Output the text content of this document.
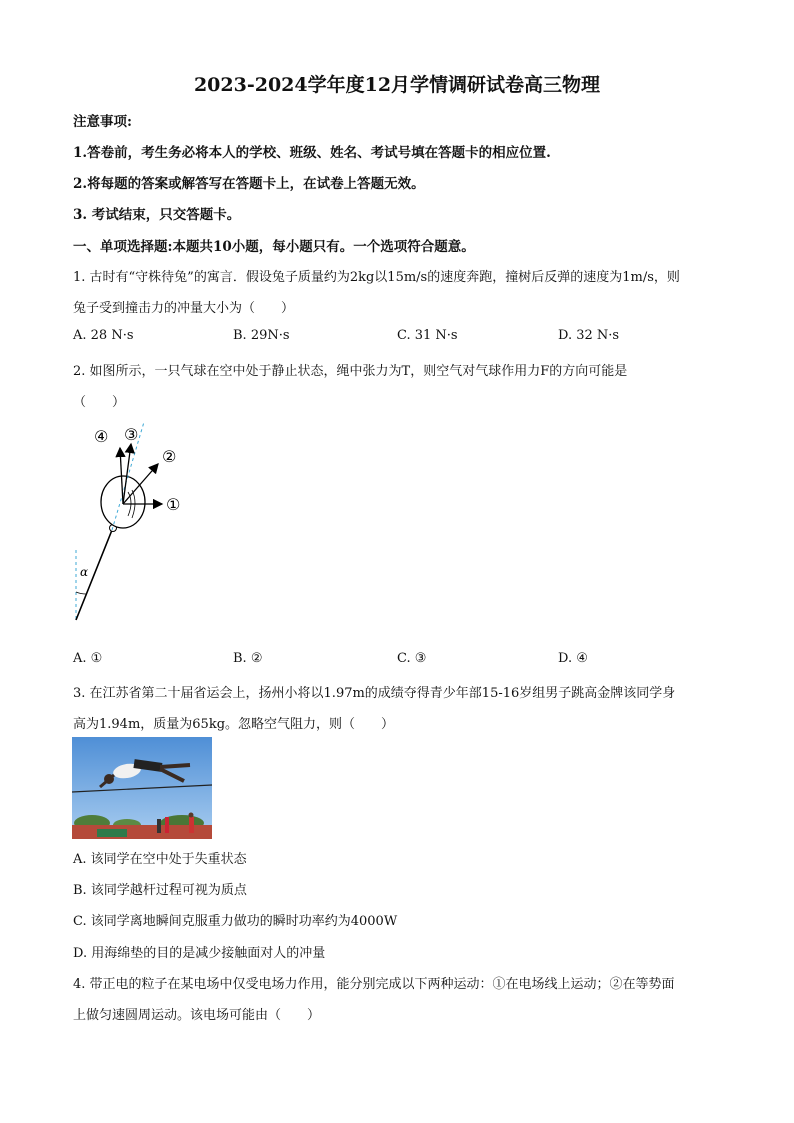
2023-2024学年度12月学情调研试卷高三物理
注意事项:
1.答卷前，考生务必将本人的学校、班级、姓名、考试号填在答题卡的相应位置.
2.将每题的答案或解答写在答题卡上，在试卷上答题无效。
3. 考试结束，只交答题卡。
一、单项选择题:本题共10小题，每小题只有。一个选项符合题意。
1. 古时有“守株待兔”的寓言．假设兔子质量约为2kg以15m/s的速度奔跑，撞树后反弹的速度为1m/s，则
兔子受到撞击力的冲量大小为（　　）
A. 28 N·s	B. 29N·s	C. 31 N·s	D. 32 N·s
2. 如图所示，一只气球在空中处于静止状态，绳中张力为T，则空气对气球作用力F的方向可能是
（　　）
①
②
③
④
α
A. ①	B. ②	C. ③	D. ④
3. 在江苏省第二十届省运会上，扬州小将以1.97m的成绩夺得青少年部15-16岁组男子跳高金牌该同学身
高为1.94m，质量为65kg。忽略空气阻力，则（　　）
A. 该同学在空中处于失重状态
B. 该同学越杆过程可视为质点
C. 该同学离地瞬间克服重力做功的瞬时功率约为4000W
D. 用海绵垫的目的是减少接触面对人的冲量
4. 带正电的粒子在某电场中仅受电场力作用，能分别完成以下两种运动：①在电场线上运动；②在等势面
上做匀速圆周运动。该电场可能由（　　）
